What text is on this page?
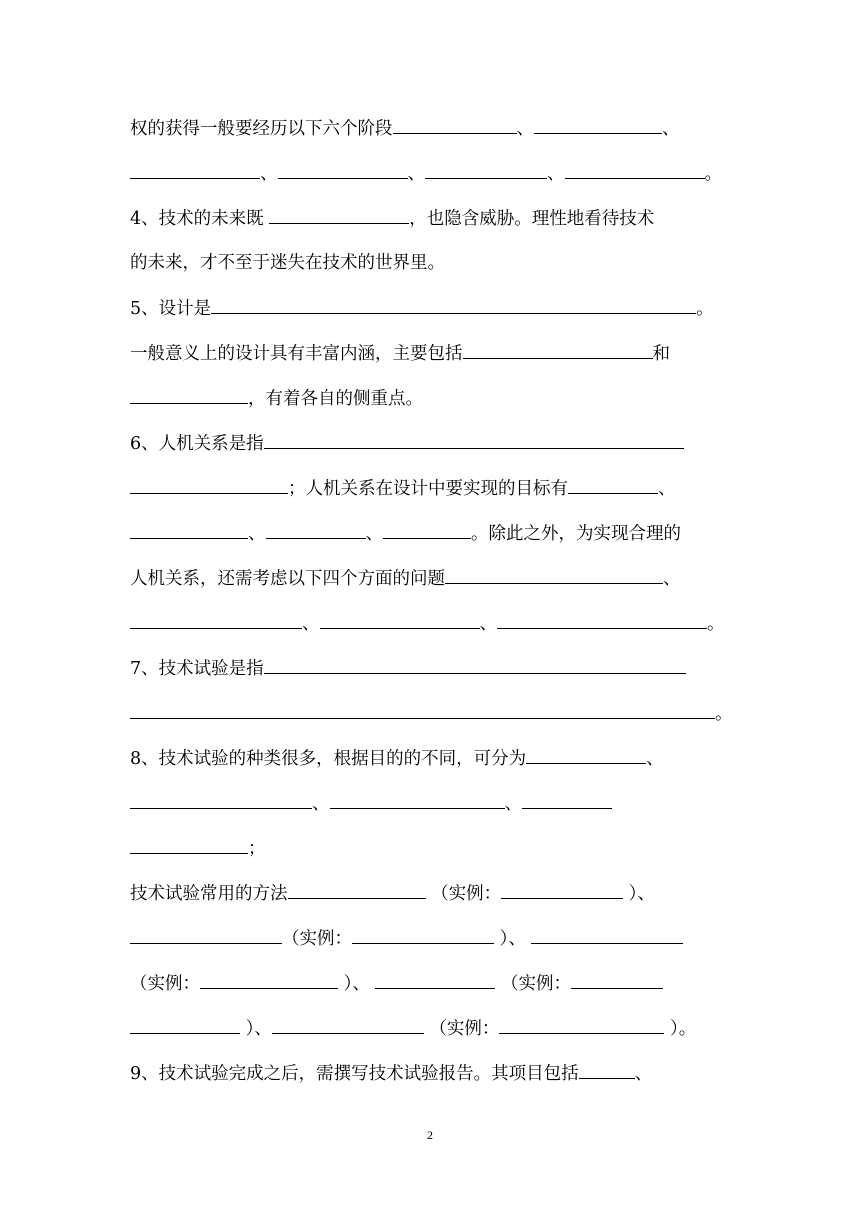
权的获得一般要经历以下六个阶段	、	、
、	、	、	。
4、技术的未来既	，也隐含威胁。理性地看待技术
的未来，才不至于迷失在技术的世界里。
5、设计是	。
一般意义上的设计具有丰富内涵，主要包括	和
，有着各自的侧重点。
6、人机关系是指
；人机关系在设计中要实现的目标有	、
、	、	。除此之外，为实现合理的
人机关系，还需考虑以下四个方面的问题	、
、	、	。
7、技术试验是指
。
8、技术试验的种类很多，根据目的的不同，可分为	、
、	、
；
技术试验常用的方法	（实例：	）、
（实例：	）、
（实例：	）、	（实例：
）、	（实例：	）。
9、技术试验完成之后，需撰写技术试验报告。其项目包括	、
2
